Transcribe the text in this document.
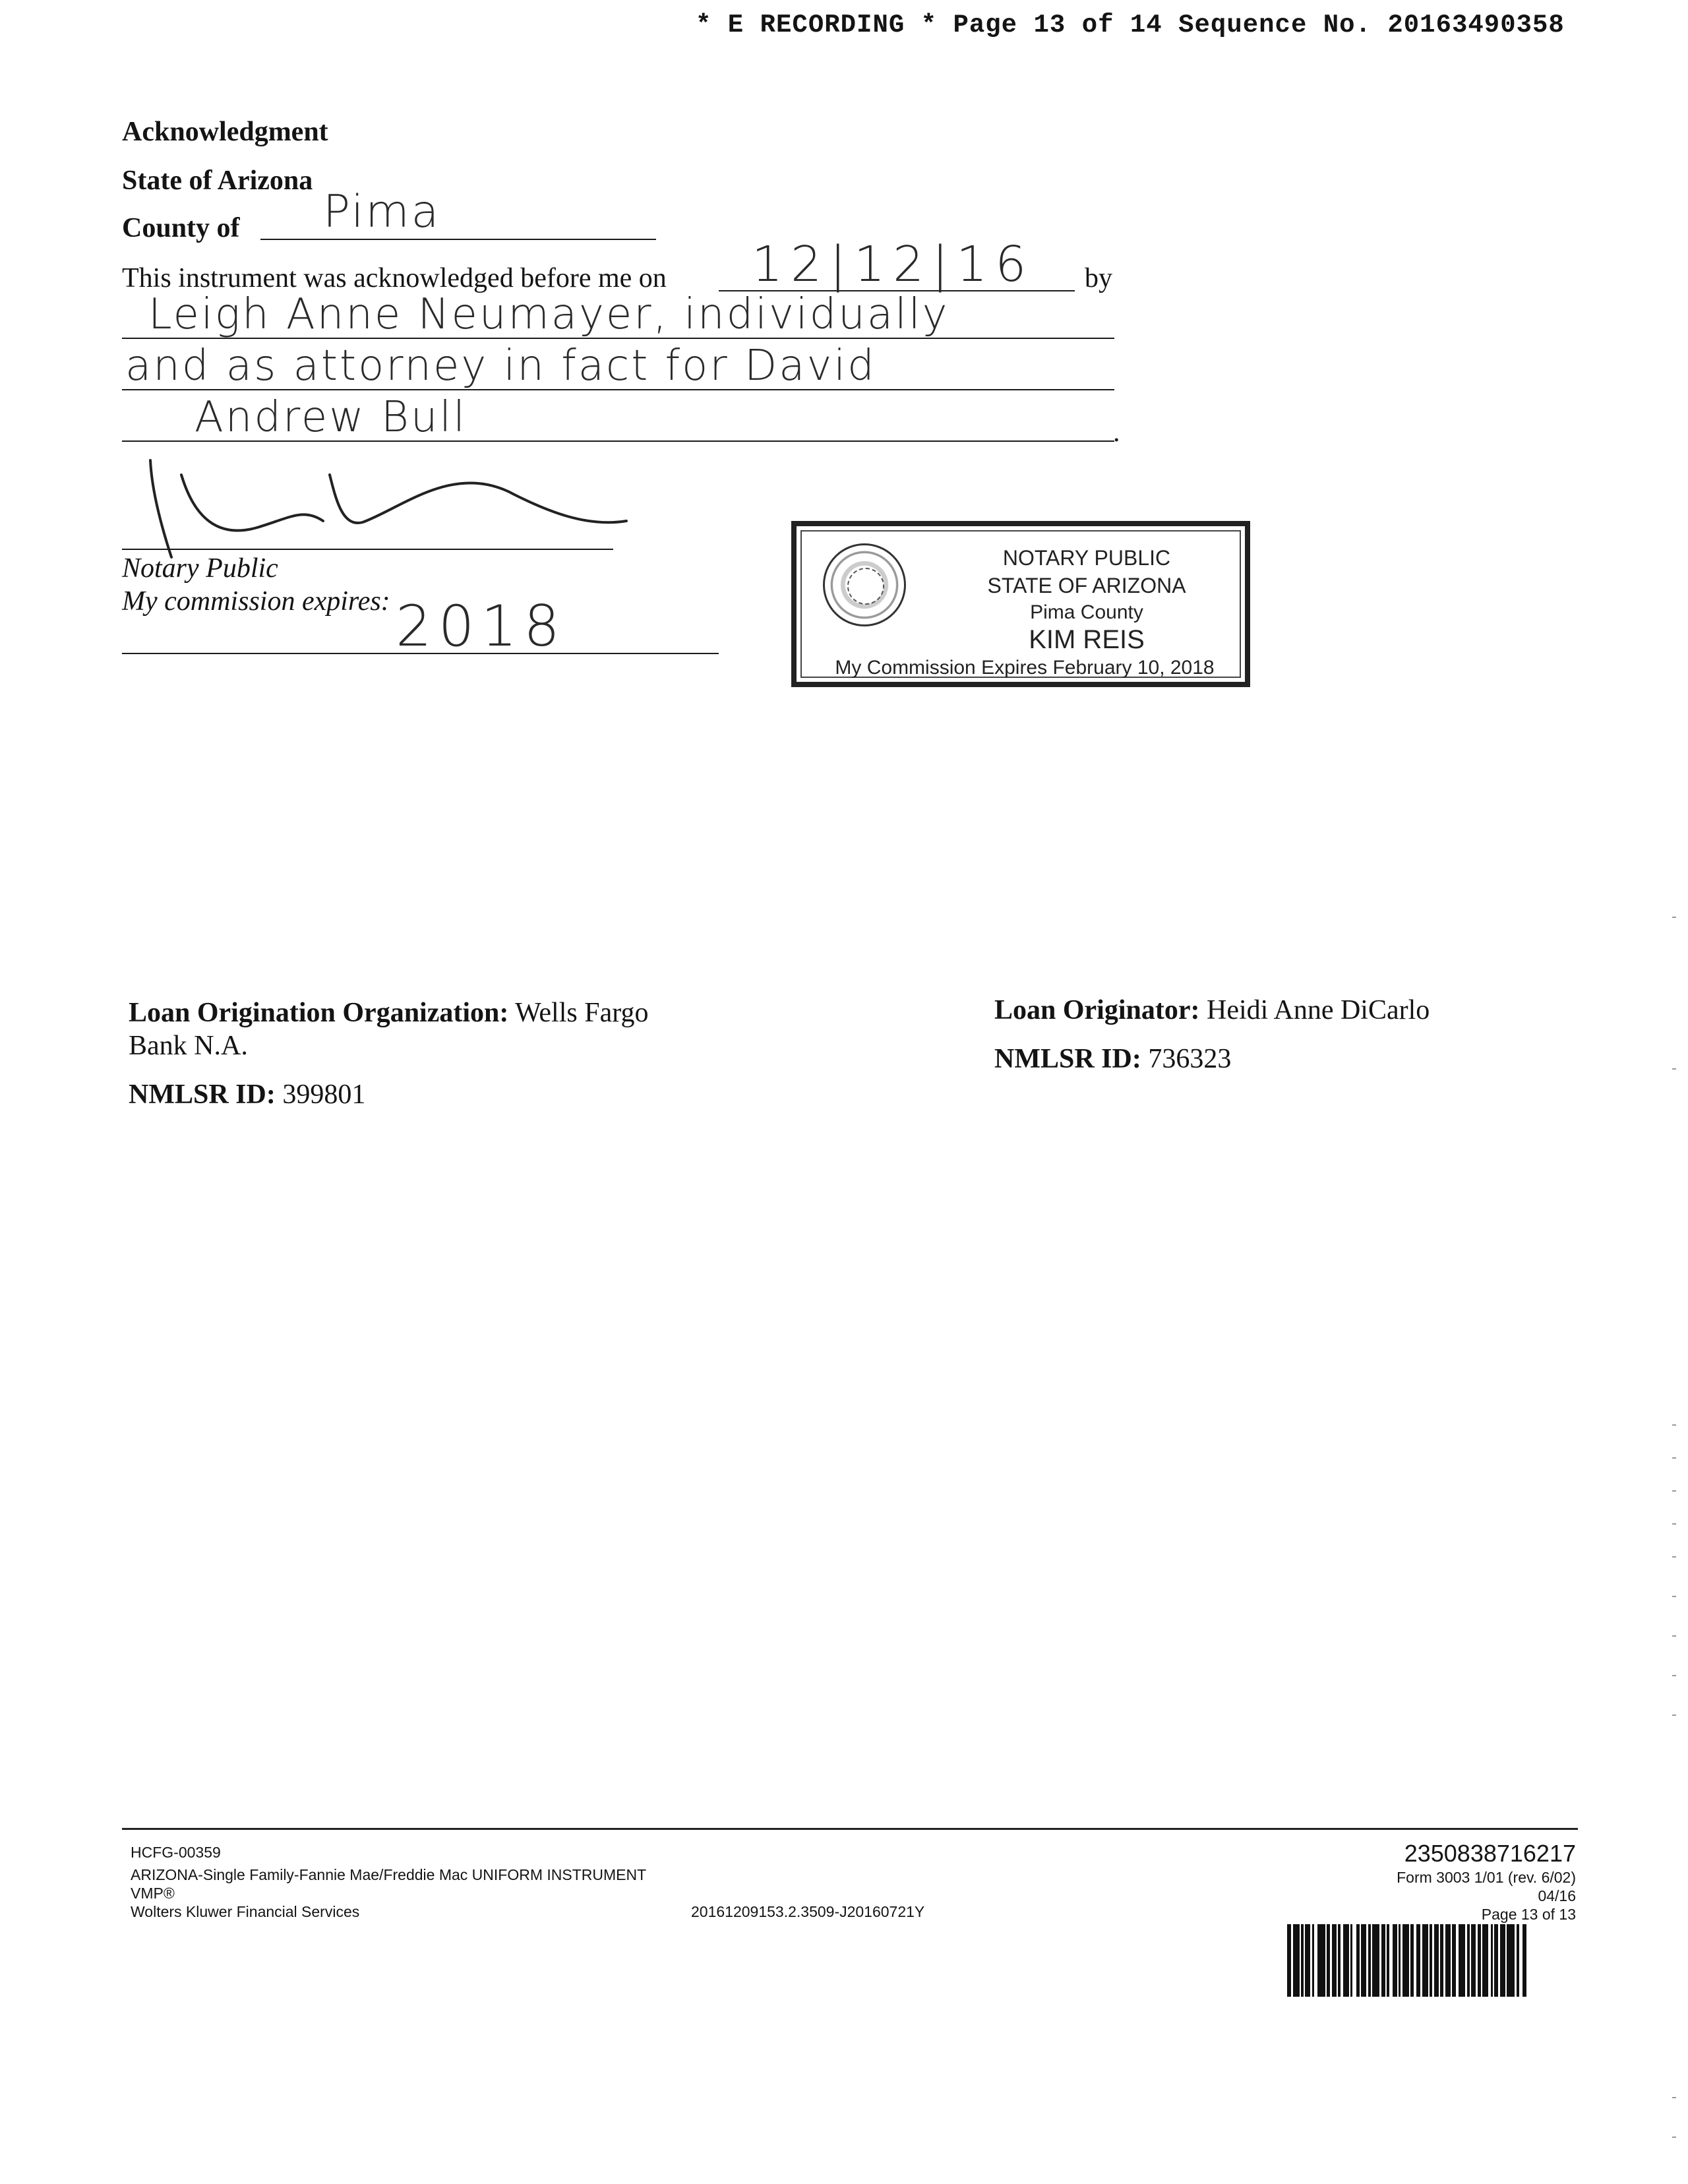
* E RECORDING * Page 13 of 14 Sequence No. 20163490358
Acknowledgment
State of Arizona
County of Pima
This instrument was acknowledged before me on 12|12|16 by
Leigh Anne Neumayer, individually
and as attorney in fact for David
Andrew Bull	.
Notary Public
My commission expires: 2018
NOTARY PUBLIC
STATE OF ARIZONA
Pima County
KIM REIS
My Commission Expires February 10, 2018
Loan Origination Organization: Wells Fargo
Bank N.A.
NMLSR ID: 399801
Loan Originator: Heidi Anne DiCarlo
NMLSR ID: 736323
HCFG-00359
ARIZONA-Single Family-Fannie Mae/Freddie Mac UNIFORM INSTRUMENT
VMP®
Wolters Kluwer Financial Services	20161209153.2.3509-J20160721Y
2350838716217
Form 3003 1/01 (rev. 6/02)
04/16
Page 13 of 13
